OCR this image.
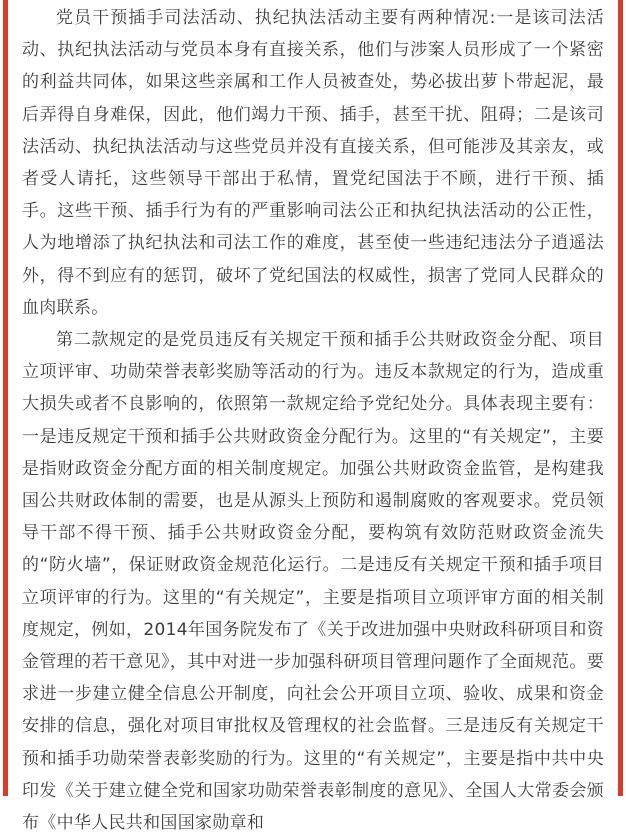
党员干预插手司法活动、执纪执法活动主要有两种情况:一是该司法活动、执纪执法活动与党员本身有直接关系，他们与涉案人员形成了一个紧密的利益共同体，如果这些亲属和工作人员被查处，势必拔出萝卜带起泥，最后弄得自身难保，因此，他们竭力干预、插手，甚至干扰、阻碍；二是该司法活动、执纪执法活动与这些党员并没有直接关系，但可能涉及其亲友，或者受人请托，这些领导干部出于私情，置党纪国法于不顾，进行干预、插手。这些干预、插手行为有的严重影响司法公正和执纪执法活动的公正性，人为地增添了执纪执法和司法工作的难度，甚至使一些违纪违法分子逍遥法外，得不到应有的惩罚，破坏了党纪国法的权威性，损害了党同人民群众的血肉联系。

第二款规定的是党员违反有关规定干预和插手公共财政资金分配、项目立项评审、功勋荣誉表彰奖励等活动的行为。违反本款规定的行为，造成重大损失或者不良影响的，依照第一款规定给予党纪处分。具体表现主要有：一是违反规定干预和插手公共财政资金分配行为。这里的“有关规定”，主要是指财政资金分配方面的相关制度规定。加强公共财政资金监管，是构建我国公共财政体制的需要，也是从源头上预防和遏制腐败的客观要求。党员领导干部不得干预、插手公共财政资金分配，要构筑有效防范财政资金流失的“防火墙”，保证财政资金规范化运行。二是违反有关规定干预和插手项目立项评审的行为。这里的“有关规定”，主要是指项目立项评审方面的相关制度规定，例如，2014年国务院发布了《关于改进加强中央财政科研项目和资金管理的若干意见》，其中对进一步加强科研项目管理问题作了全面规范。要求进一步建立健全信息公开制度，向社会公开项目立项、验收、成果和资金安排的信息，强化对项目审批权及管理权的社会监督。三是违反有关规定干预和插手功勋荣誉表彰奖励的行为。这里的“有关规定”，主要是指中共中央印发《关于建立健全党和国家功勋荣誉表彰制度的意见》、全国人大常委会颁布《中华人民共和国国家勋章和
